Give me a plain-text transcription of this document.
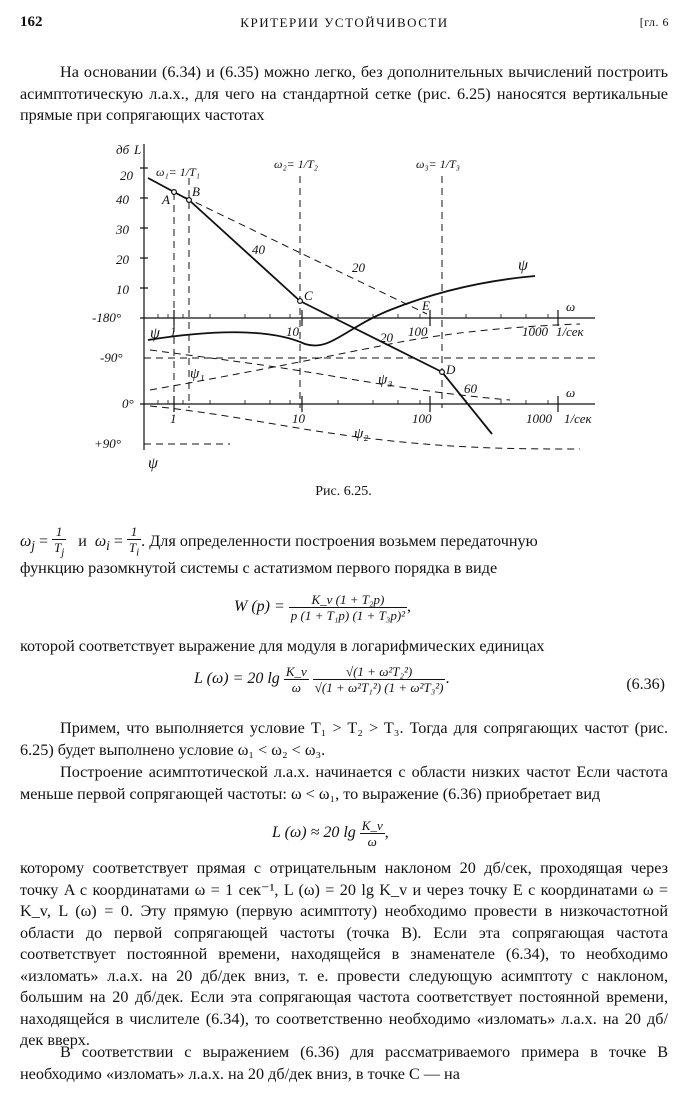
162	КРИТЕРИИ УСТОЙЧИВОСТИ	[гл. 6
На основании (6.34) и (6.35) можно легко, без дополнительных вычислений построить асимптотическую л.а.х., для чего на стандартной сетке (рис. 6.25) наносятся вертикальные прямые при сопрягающих частотах
дб L
20
40
30
20
10
-180°
-90°
0°
+90°
1	10	100	1000 1/сек
ω
1	10	100	1000 1/сек
ω
ω₁= 1/T₁
ω₂= 1/T₂	ω₃= 1/T₃
A
B
C
D
E
40
20
20
60
ψ
ψ
ψ₁	ψ₃
ψ₂
ψ
Рис. 6.25.
$\omega_j = \frac{1}{T_j}$ и $\omega_i = \frac{1}{T_i}$ . Для определенности построения возьмем передаточную
функцию разомкнутой системы с астатизмом первого порядка в виде
W $(p) = \frac{\text{K\_v (1 + T₂p)}}{\text{p (1 + T₁p) (1 + T₃p)²}}$ ,
которой соответствует выражение для модуля в логарифмических единицах
L (ω) = 20 $\lg \frac{K\_v}{\omega}$
$\frac{\text{√(1 + ω²T₂²)}}{\text{√(1 + ω²T₁²) (1 + ω²T₃²)}}$ .	(6.36)
Примем, что выполняется условие T₁ > T₂ > T₃. Тогда для сопрягающих частот (рис. 6.25) будет выполнено условие ω₁ < ω₂ < ω₃.
Построение асимптотической л.а.х. начинается с области низких частот Если частота меньше первой сопрягающей частоты: ω < ω₁, то выражение (6.36) приобретает вид
L (ω) ≈ 20 $\lg \frac{K\_v}{\omega}$ ,
которому соответствует прямая с отрицательным наклоном 20 дб/сек, проходящая через точку A с координатами ω = 1 сек⁻¹, L (ω) = 20 lg K_v и через точку E с координатами ω = K_v, L (ω) = 0. Эту прямую (первую асимптоту) необходимо провести в низкочастотной области до первой сопрягающей частоты (точка B). Если эта сопрягающая частота соответствует постоянной времени, находящейся в знаменателе (6.34), то необходимо «изломать» л.а.х. на 20 дб/дек вниз, т. е. провести следующую асимптоту с наклоном, большим на 20 дб/дек. Если эта сопрягающая частота соответствует постоянной времени, находящейся в числителе (6.34), то соответственно необходимо «изломать» л.а.х. на 20 дб/дек вверх.
В соответствии с выражением (6.36) для рассматриваемого примера в точке B необходимо «изломать» л.а.х. на 20 дб/дек вниз, в точке C — на
